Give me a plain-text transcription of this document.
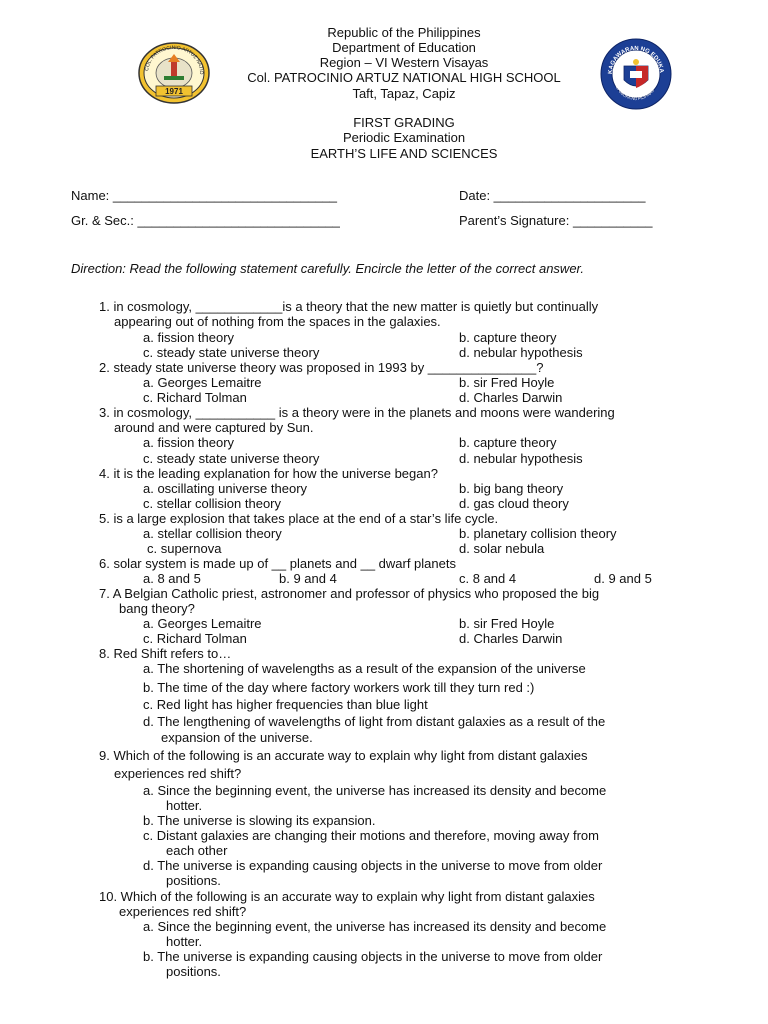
Republic of the Philippines
Department of Education
Region – VI Western Visayas
Col. PATROCINIO ARTUZ NATIONAL HIGH SCHOOL
Taft, Tapaz, Capiz
FIRST GRADING
Periodic Examination
EARTH’S LIFE AND SCIENCES
COL. PATROCINIO ARTUZ NATIO
1971
KAGAWARAN NG EDUKA
REPUBLIKA NG PILIPINAS
Name: _______________________________	Date: _____________________
Gr. & Sec.: ____________________________	Parent’s Signature: ___________
Direction: Read the following statement carefully. Encircle the letter of the correct answer.
1. in cosmology, ____________is a theory that the new matter is quietly but continually
appearing out of nothing from the spaces in the galaxies.
a. fission theory	b. capture theory
c. steady state universe theory	d. nebular hypothesis
2. steady state universe theory was proposed in 1993 by _______________?
a. Georges Lemaitre	b. sir Fred Hoyle
c. Richard Tolman	d. Charles Darwin
3. in cosmology, ___________ is a theory were in the planets and moons were wandering
around and were captured by Sun.
a. fission theory	b. capture theory
c. steady state universe theory	d. nebular hypothesis
4. it is the leading explanation for how the universe began?
a. oscillating universe theory	b. big bang theory
c. stellar collision theory	d. gas cloud theory
5. is a large explosion that takes place at the end of a star’s life cycle.
a. stellar collision theory	b. planetary collision theory
c. supernova	d. solar nebula
6. solar system is made up of __ planets and __ dwarf planets
a. 8 and 5	b. 9 and 4	c. 8 and 4	d. 9 and 5
7. A Belgian Catholic priest, astronomer and professor of physics who proposed the big
bang theory?
a. Georges Lemaitre	b. sir Fred Hoyle
c. Richard Tolman	d. Charles Darwin
8. Red Shift refers to…
a. The shortening of wavelengths as a result of the expansion of the universe
b. The time of the day where factory workers work till they turn red :)
c. Red light has higher frequencies than blue light
d. The lengthening of wavelengths of light from distant galaxies as a result of the
expansion of the universe.
9. Which of the following is an accurate way to explain why light from distant galaxies
experiences red shift?
a. Since the beginning event, the universe has increased its density and become
hotter.
b. The universe is slowing its expansion.
c. Distant galaxies are changing their motions and therefore, moving away from
each other
d. The universe is expanding causing objects in the universe to move from older
positions.
10. Which of the following is an accurate way to explain why light from distant galaxies
experiences red shift?
a. Since the beginning event, the universe has increased its density and become
hotter.
b. The universe is expanding causing objects in the universe to move from older
positions.
